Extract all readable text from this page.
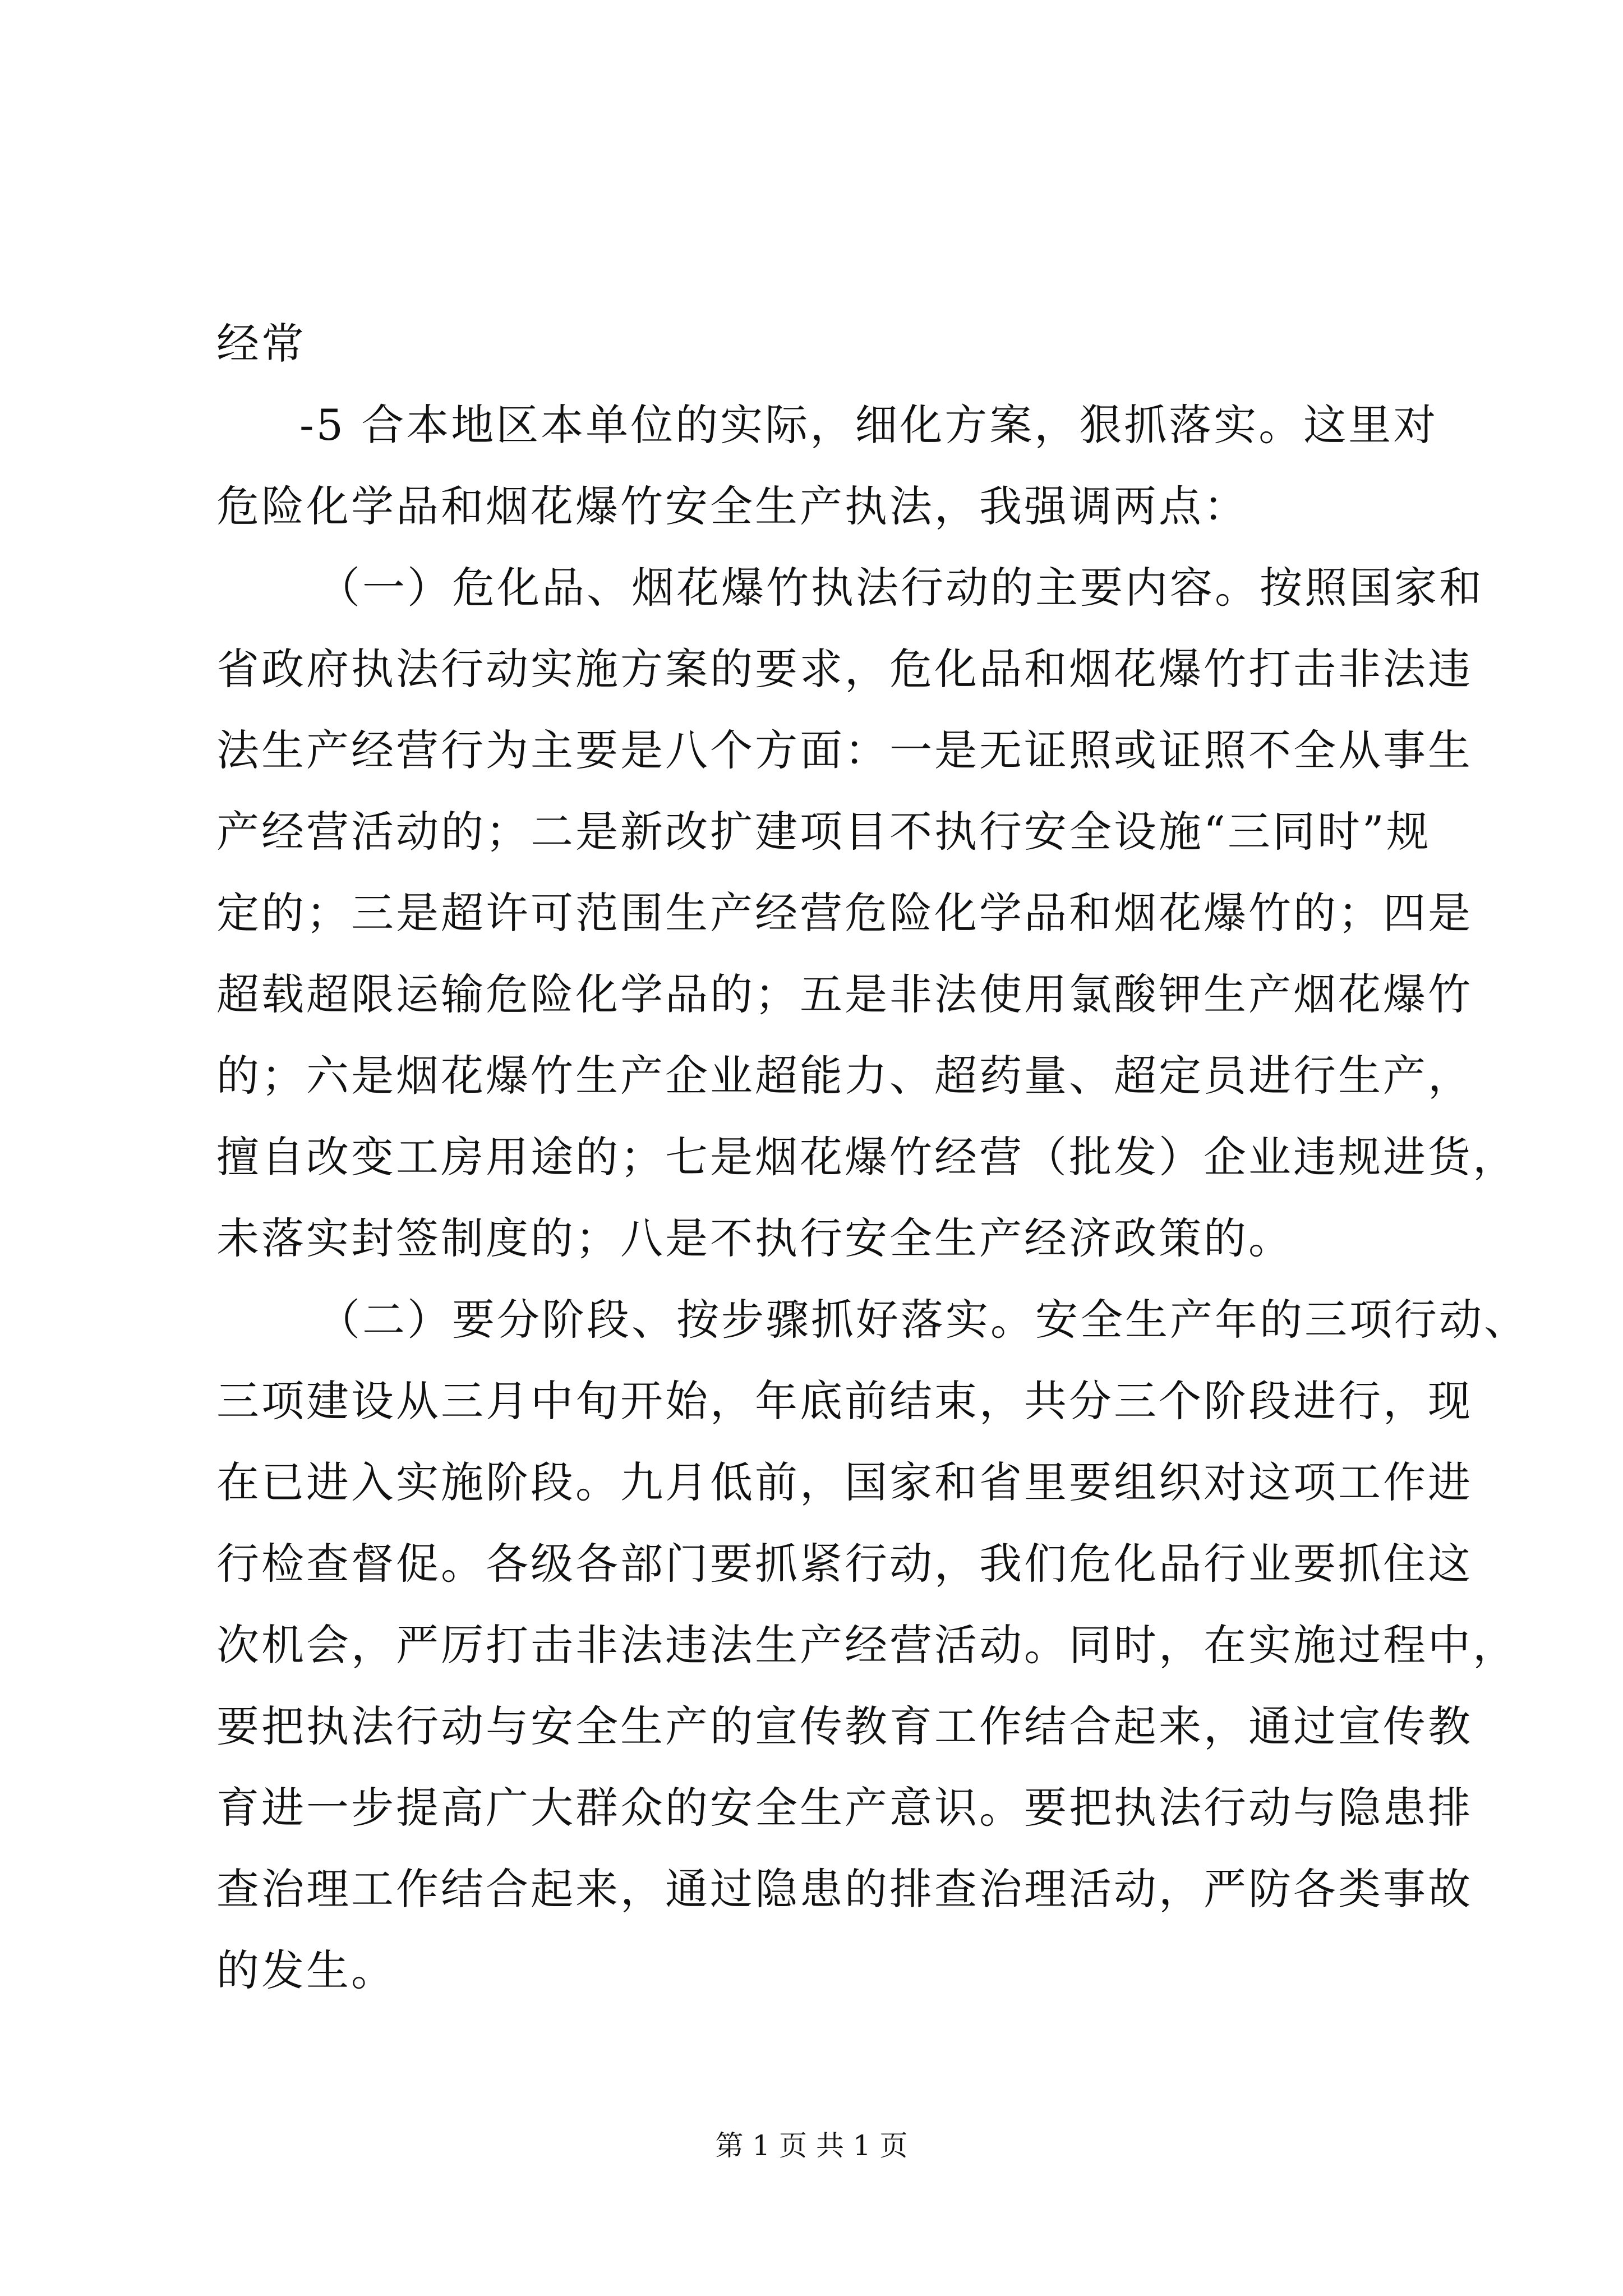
经常
-5 合本地区本单位的实际，细化方案，狠抓落实。这里对
危险化学品和烟花爆竹安全生产执法，我强调两点：
（一）危化品、烟花爆竹执法行动的主要内容。按照国家和
省政府执法行动实施方案的要求，危化品和烟花爆竹打击非法违
法生产经营行为主要是八个方面：一是无证照或证照不全从事生
产经营活动的；二是新改扩建项目不执行安全设施“三同时”规
定的；三是超许可范围生产经营危险化学品和烟花爆竹的；四是
超载超限运输危险化学品的；五是非法使用氯酸钾生产烟花爆竹
的；六是烟花爆竹生产企业超能力、超药量、超定员进行生产，
擅自改变工房用途的；七是烟花爆竹经营（批发）企业违规进货，
未落实封签制度的；八是不执行安全生产经济政策的。
（二）要分阶段、按步骤抓好落实。安全生产年的三项行动、
三项建设从三月中旬开始，年底前结束，共分三个阶段进行，现
在已进入实施阶段。九月低前，国家和省里要组织对这项工作进
行检查督促。各级各部门要抓紧行动，我们危化品行业要抓住这
次机会，严厉打击非法违法生产经营活动。同时，在实施过程中，
要把执法行动与安全生产的宣传教育工作结合起来，通过宣传教
育进一步提高广大群众的安全生产意识。要把执法行动与隐患排
查治理工作结合起来，通过隐患的排查治理活动，严防各类事故
的发生。
第 1 页 共 1 页
